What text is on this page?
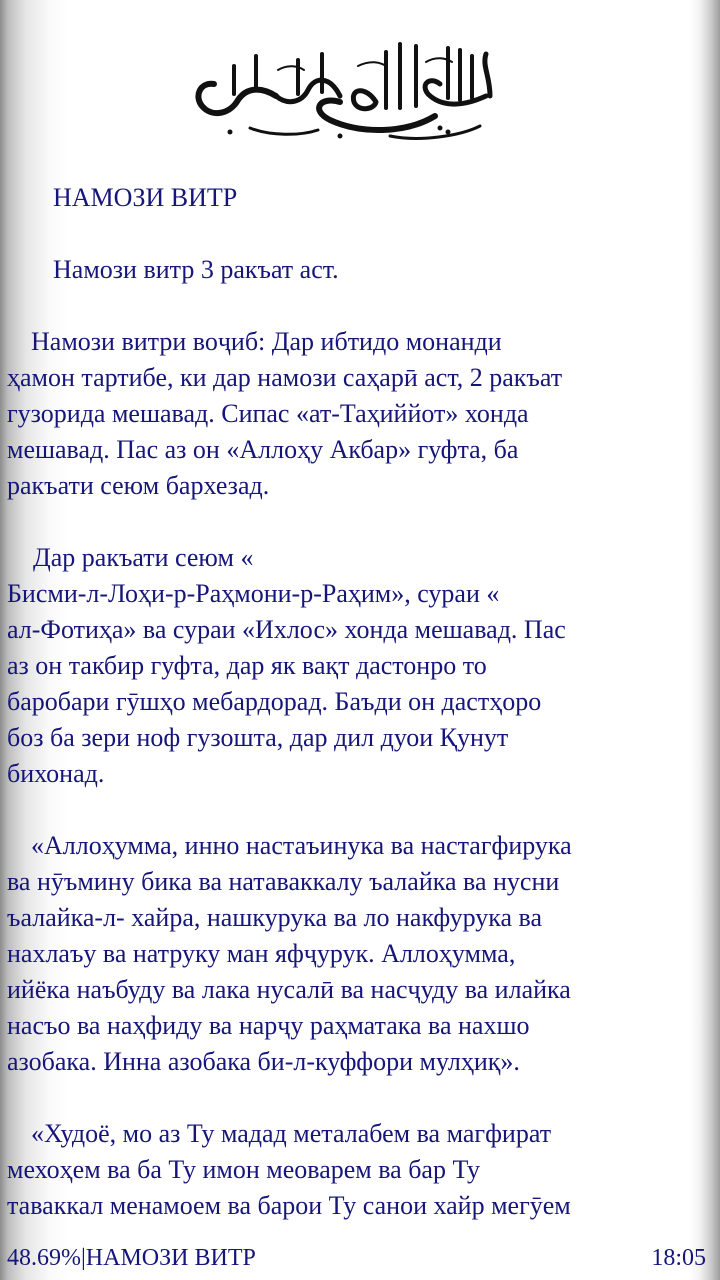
НАМОЗИ ВИТР

Намози витр 3 ракъат аст.

Намози витри воҷиб: Дар ибтидо монанди

ҳамон тартибе, ки дар намози саҳарӣ аст, 2 ракъат

гузорида мешавад. Сипас «ат-Таҳиййот» хонда

мешавад. Пас аз он «Аллоҳу Акбар» гуфта, ба

ракъати сеюм бархезад.

Дар ракъати сеюм «

Бисми-л-Лоҳи-р-Раҳмони-р-Раҳим», сураи «

ал-Фотиҳа» ва сураи «Ихлос» хонда мешавад. Пас

аз он такбир гуфта, дар як вақт дастонро то

баробари гӯшҳо мебардорад. Баъди он дастҳоро

боз ба зери ноф гузошта, дар дил дуои Қунут

бихонад.

«Аллоҳумма, инно настаъинука ва настагфирука

ва нӯъмину бика ва натаваккалу ъалайка ва нусни

ъалайка-л- хайра, нашкурука ва ло накфурука ва

нахлаъу ва натруку ман яфҷурук. Аллоҳумма,

ийёка наъбуду ва лака нусалӣ ва насҷуду ва илайка

насъо ва наҳфиду ва нарҷу раҳматака ва нахшо

азобака. Инна азобака би-л-куффори мулҳиқ».

«Худоё, мо аз Ту мадад металабем ва магфират

мехоҳем ва ба Ту имон меоварем ва бар Ту

таваккал менамоем ва барои Ту санои хайр мегӯем

48.69%|НАМОЗИ ВИТР	18:05
